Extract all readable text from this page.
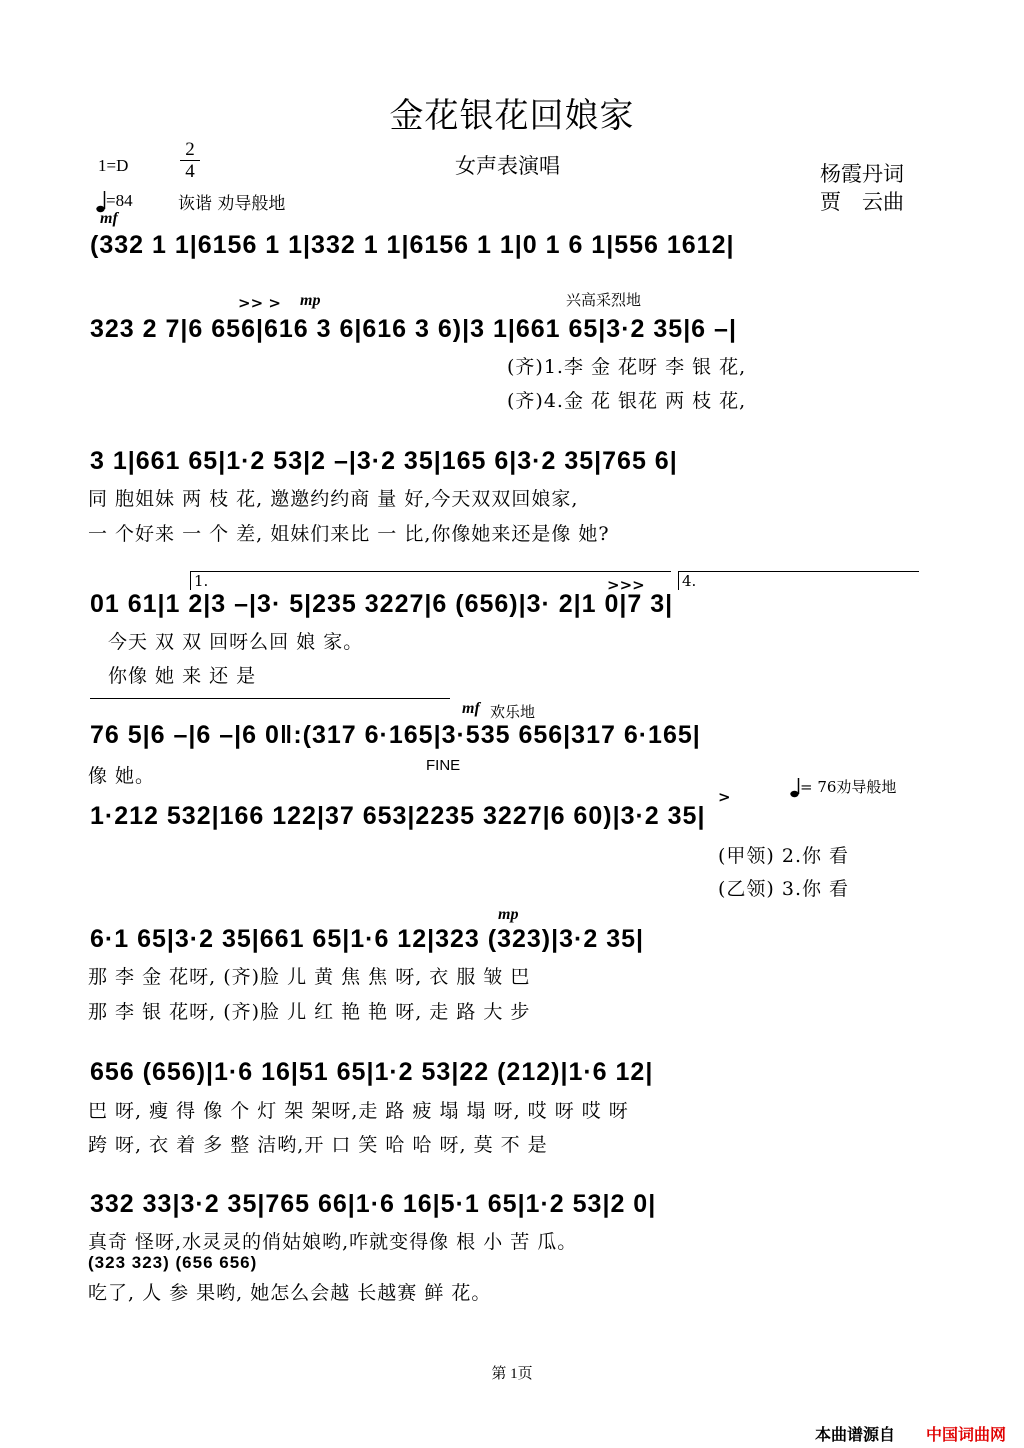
金花银花回娘家
1=D
2
4	女声表演唱	杨霞丹词
贾　云曲
=84	诙谐 劝导般地
mf
(332 1 1|6156 1 1|332 1 1|6156 1 1|0 1 6 1|556 1612|
兴高采烈地
>> > mp
323 2 7|6 656|616 3 6|616 3 6)|3 1|661 65|3·2 35|6 –|
(齐)1.李 金 花呀 李 银 花,
(齐)4.金 花 银花 两 枝 花,
3 1|661 65|1·2 53|2 –|3·2 35|165 6|3·2 35|765 6|
同 胞姐妹 两 枝 花, 邀邀约约商 量 好,今天双双回娘家,
一 个好来 一 个 差, 姐妹们来比 一 比,你像她来还是像 她?
1.	4.
>>>
01 61|1 2|3 –|3· 5|235 3227|6 (656)|3· 2|1 0|7 3|
今天 双 双 回呀么回 娘 家。
你像 她 来 还 是
mf 欢乐地
76 5|6 –|6 –|6 0‖:(317 6·165|3·535 656|317 6·165|
FINE
像 她。	= 76劝导般地
>
1·212 532|166 122|37 653|2235 3227|6 60)|3·2 35|
(甲领) 2.你 看
(乙领) 3.你 看
mp
6·1 65|3·2 35|661 65|1·6 12|323 (323)|3·2 35|
那 李 金 花呀, (齐)脸 儿 黄 焦 焦 呀, 衣 服 皱 巴
那 李 银 花呀, (齐)脸 儿 红 艳 艳 呀, 走 路 大 步
656 (656)|1·6 16|51 65|1·2 53|22 (212)|1·6 12|
巴 呀, 瘦 得 像 个 灯 架 架呀,走 路 疲 塌 塌 呀, 哎 呀 哎 呀
跨 呀, 衣 着 多 整 洁哟,开 口 笑 哈 哈 呀, 莫 不 是
332 33|3·2 35|765 66|1·6 16|5·1 65|1·2 53|2 0|
真奇 怪呀,水灵灵的俏姑娘哟,咋就变得像 根 小 苦 瓜。
(323 323) (656 656)
吃了, 人 参 果哟, 她怎么会越 长越赛 鲜 花。
第 1页
本曲谱源自 中国词曲网
